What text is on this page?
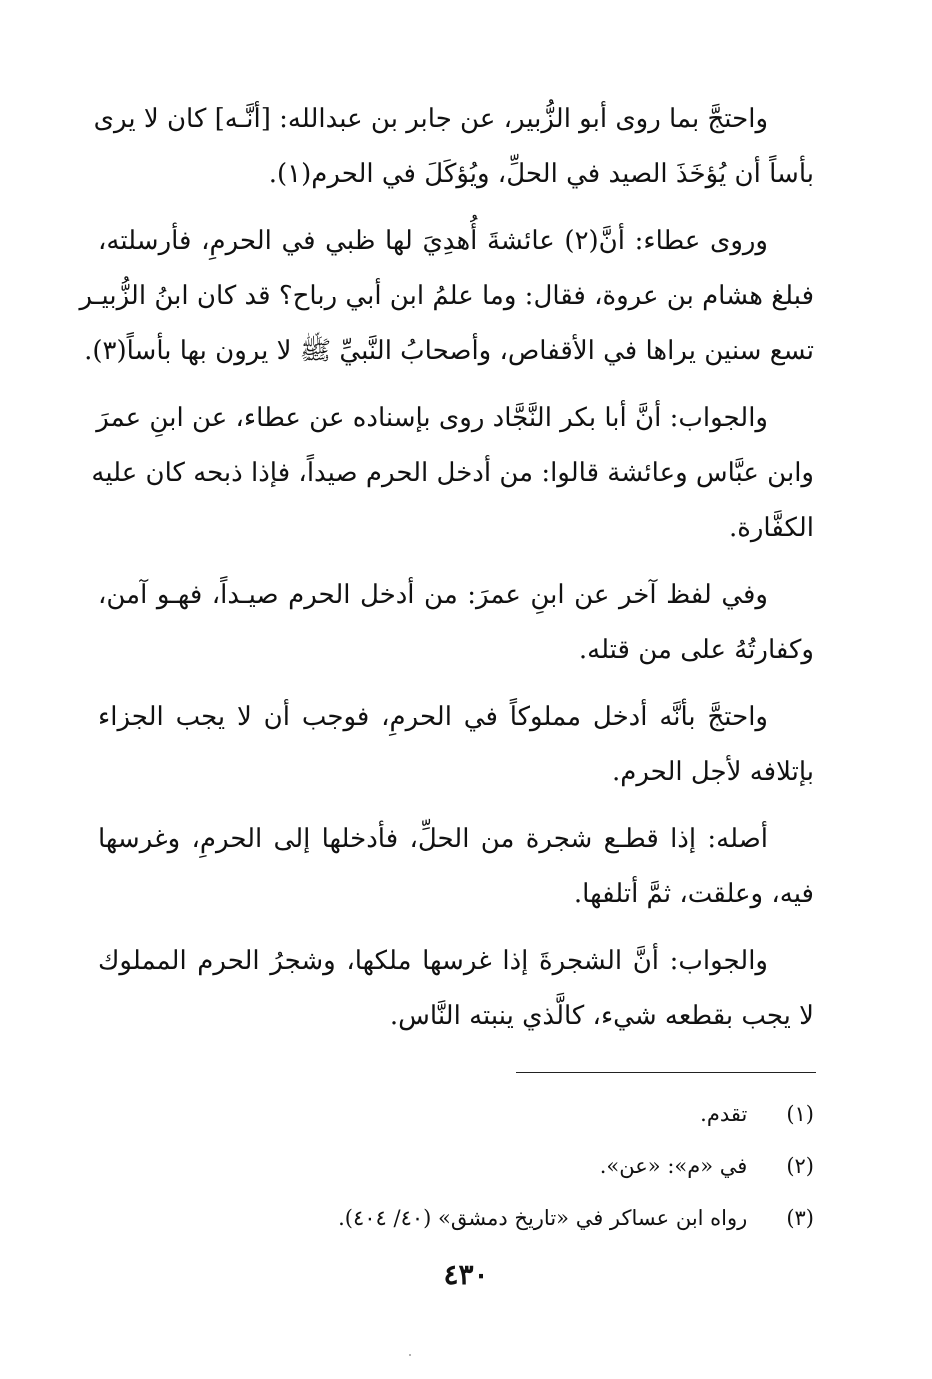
واحتجَّ بما روى أبو الزُّبير، عن جابر بن عبدالله: [أنَّـه] كان لا يرى
بأساً أن يُؤخَذَ الصيد في الحلِّ، ويُؤكَلَ في الحرم(١).
وروى عطاء: أنَّ(٢) عائشةَ أُهدِيَ لها ظبي في الحرمِ، فأرسلته،
فبلغ هشام بن عروة، فقال: وما علمُ ابن أبي رباح؟ قد كان ابنُ الزُّبيـر
تسع سنين يراها في الأقفاص، وأصحابُ النَّبيِّ ﷺ لا يرون بها بأساً(٣).
والجواب: أنَّ أبا بكر النَّجَّاد روى بإسناده عن عطاء، عن ابنِ عمرَ
وابن عبَّاس وعائشة قالوا: من أدخل الحرم صيداً، فإذا ذبحه كان عليه
الكفَّارة.
وفي لفظ آخر عن ابنِ عمرَ: من أدخل الحرم صيـداً، فهـو آمن،
وكفارتُهُ على من قتله.
واحتجَّ بأنَّه أدخل مملوكاً في الحرمِ، فوجب أن لا يجب الجزاء
بإتلافه لأجل الحرم.
أصله: إذا قطـع شجرة من الحلِّ، فأدخلها إلى الحرمِ، وغرسها
فيه، وعلقت، ثمَّ أتلفها.
والجواب: أنَّ الشجرةَ إذا غرسها ملكها، وشجرُ الحرم المملوك
لا يجب بقطعه شيء، كالَّذي ينبته النَّاس.
(١) تقدم.
(٢) في «م»: «عن».
(٣) رواه ابن عساكر في «تاريخ دمشق» (٤٠/ ٤٠٤).
٤٣٠
